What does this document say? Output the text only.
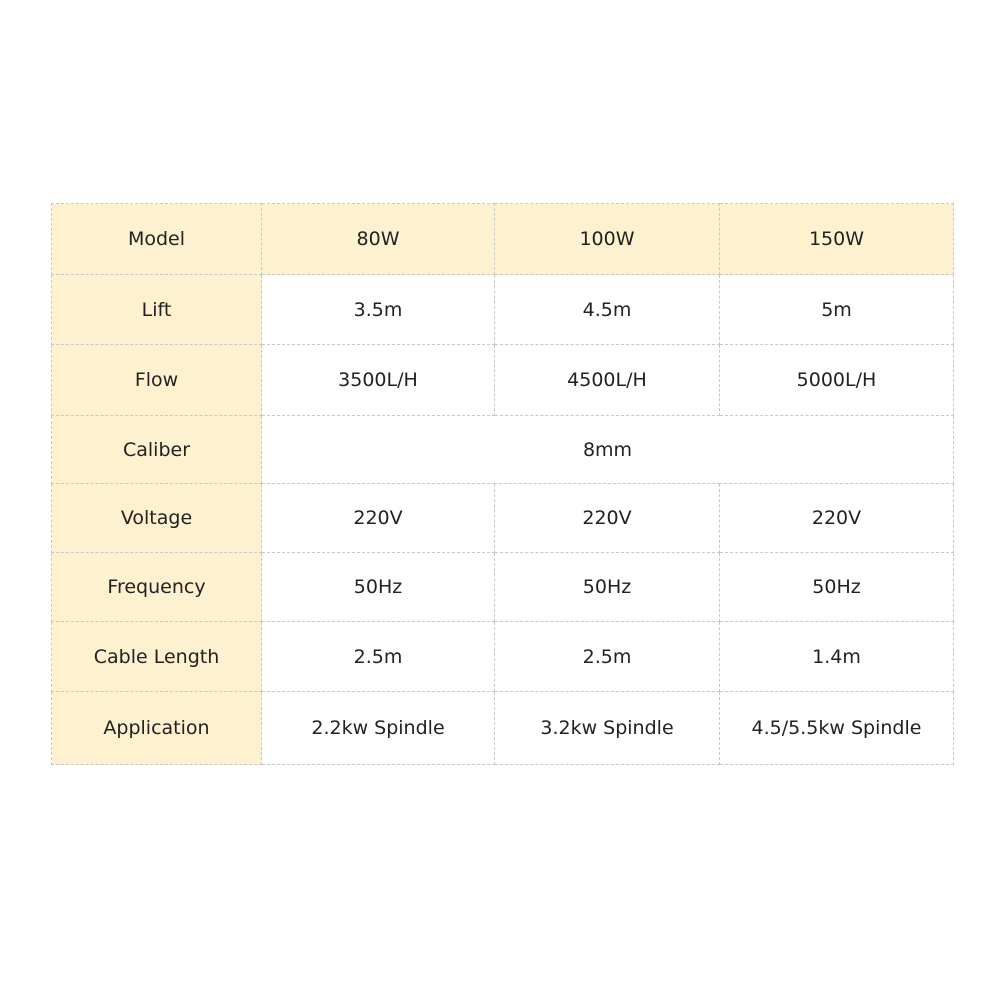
Model	80W	100W	150W
Lift	3.5m	4.5m	5m
Flow	3500L/H	4500L/H	5000L/H
Caliber	8mm		
Voltage	220V	220V	220V
Frequency	50Hz	50Hz	50Hz
Cable Length	2.5m	2.5m	1.4m
Application	2.2kw Spindle	3.2kw Spindle	4.5/5.5kw Spindle
